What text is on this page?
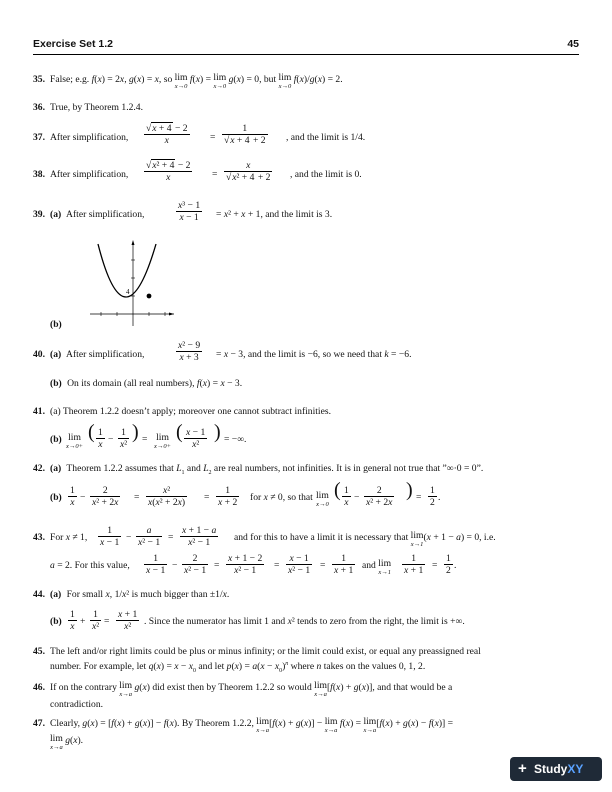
Exercise Set 1.2	45
35. False; e.g. f(x) = 2x, g(x) = x, so lim
x→0
f(x) = lim
x→0
g(x) = 0, but lim
x→0
f(x)/g(x) = 2.
36. True, by Theorem 1.2.4.
37. After simplification, $\frac{√x + 4 - 2}{x} = \frac{1}{√x + 4 + 2}$ , and the limit is 1/4.
38. After simplification, $\frac{\text{√x² + 4 − 2}}{x} = \frac{x}{\text{√x² + 4 + 2}}$ , and the limit is 0.
39. (a) After simplification,	$\frac{\text{x³ − 1}}{x - 1} = x^2 + x + 1$, and the limit is 3.
4
(b)
40. (a) After simplification,	$\frac{\text{x² − 9}}{x + 3} = x - 3$, and the limit is −6, so we need that k = −6.
(b) On its domain (all real numbers), f(x) = x − 3.
41. (a) Theorem 1.2.2 doesn’t apply; moreover one cannot subtract infinities.
(b) lim
x→0+
( $\frac{1}{x} - \frac{1}{\text{x²}}$ ) = lim
x→0+
( $\frac{x - 1}{\text{x²}}$ ) = −∞.
42. (a) Theorem 1.2.2 assumes that $L_1$ and $L_2$ are real numbers, not infinities. It is in general not true that ”∞·0 = 0”.
$(b) \frac{1}{x} - \frac{2}{\text{x² + 2x}} = \frac{\text{x²}}{\text{x(x² + 2x)}} = \frac{1}{x + 2}$ for x ≠ 0, so that lim
x→0
( $\frac{1}{x} - \frac{2}{\text{x² + 2x}}$ ) = $\frac{1}{2}$ .
43. For x ≠ 1, $\frac{1}{x - 1} - \frac{a}{\text{x² − 1}} = \frac{x + 1 - a}{\text{x² − 1}}$ and for this to have a limit it is necessary that lim
x→1
(x + 1 − a) = 0, i.e.
a = 2. For this value, $\frac{1}{x - 1} - \frac{2}{\text{x² − 1}} = \frac{x + 1 - 2}{\text{x² − 1}} = \frac{x - 1}{\text{x² − 1}} = \frac{1}{x + 1}$ and lim
$x\to 1 \frac{1}{x + 1} = \frac{1}{2}$ .
44. (a) For small x, 1/x² is much bigger than ±1/x.
$(b) \frac{1}{x} + \frac{1}{\text{x²}} = \frac{x + 1}{\text{x²}}$ . Since the numerator has limit 1 and x² tends to zero from the right, the limit is +∞.
45. The left and/or right limits could be plus or minus infinity; or the limit could exist, or equal any preassigned real
number. For example, let $q(x) = x - x_0$ and let $p(x) = a(x - x_0)^n$ where n takes on the values 0, 1, 2.
46. If on the contrary lim
x→a
g(x) did exist then by Theorem 1.2.2 so would lim
x→a
[f(x) + g(x)], and that would be a
contradiction.
47. Clearly, g(x) = [f(x) + g(x)] − f(x). By Theorem 1.2.2, lim
x→a
[f(x) + g(x)] − lim
x→a
f(x) = lim
x→a
[f(x) + g(x) − f(x)] =
lim
x→a
g(x).
+ StudyXY
